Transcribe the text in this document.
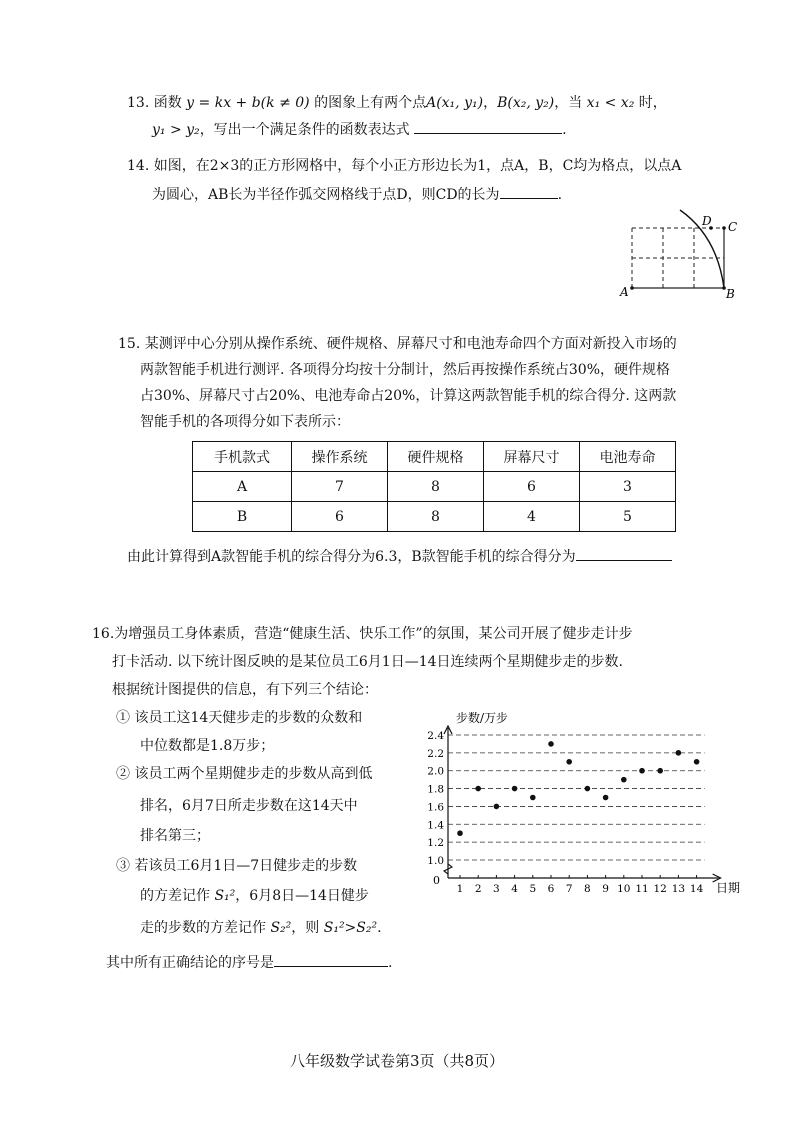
13. 函数 y = kx + b(k ≠ 0) 的图象上有两个点A(x₁, y₁)，B(x₂, y₂)，当 x₁ < x₂ 时，
y₁ > y₂，写出一个满足条件的函数表达式	.
14. 如图，在2×3的正方形网格中，每个小正方形边长为1，点A，B，C均为格点，以点A
为圆心，AB长为半径作弧交网格线于点D，则CD的长为	.
A	B
C
D
15. 某测评中心分别从操作系统、硬件规格、屏幕尺寸和电池寿命四个方面对新投入市场的
两款智能手机进行测评. 各项得分均按十分制计，然后再按操作系统占30%，硬件规格
占30%、屏幕尺寸占20%、电池寿命占20%，计算这两款智能手机的综合得分. 这两款
智能手机的各项得分如下表所示：
手机款式	操作系统	硬件规格	屏幕尺寸	电池寿命
A	7	8	6	3
B	6	8	4	5
由此计算得到A款智能手机的综合得分为6.3，B款智能手机的综合得分为
16.为增强员工身体素质，营造“健康生活、快乐工作”的氛围，某公司开展了健步走计步
打卡活动. 以下统计图反映的是某位员工6月1日—14日连续两个星期健步走的步数.
根据统计图提供的信息，有下列三个结论：
① 该员工这14天健步走的步数的众数和
中位数都是1.8万步；
② 该员工两个星期健步走的步数从高到低
排名，6月7日所走步数在这14天中
排名第三；
③ 若该员工6月1日—7日健步走的步数
的方差记作 S₁²，6月8日—14日健步
走的步数的方差记作 S₂²，则 S₁²>S₂².
其中所有正确结论的序号是	.
1.0
1.2
1.4
1.6
1.8
2.0
2.2
2.4
1 2 3 4 5 6 7 8 9 10 11 12 13 14
步数/万步
日期
0
八年级数学试卷第3页（共8页）
